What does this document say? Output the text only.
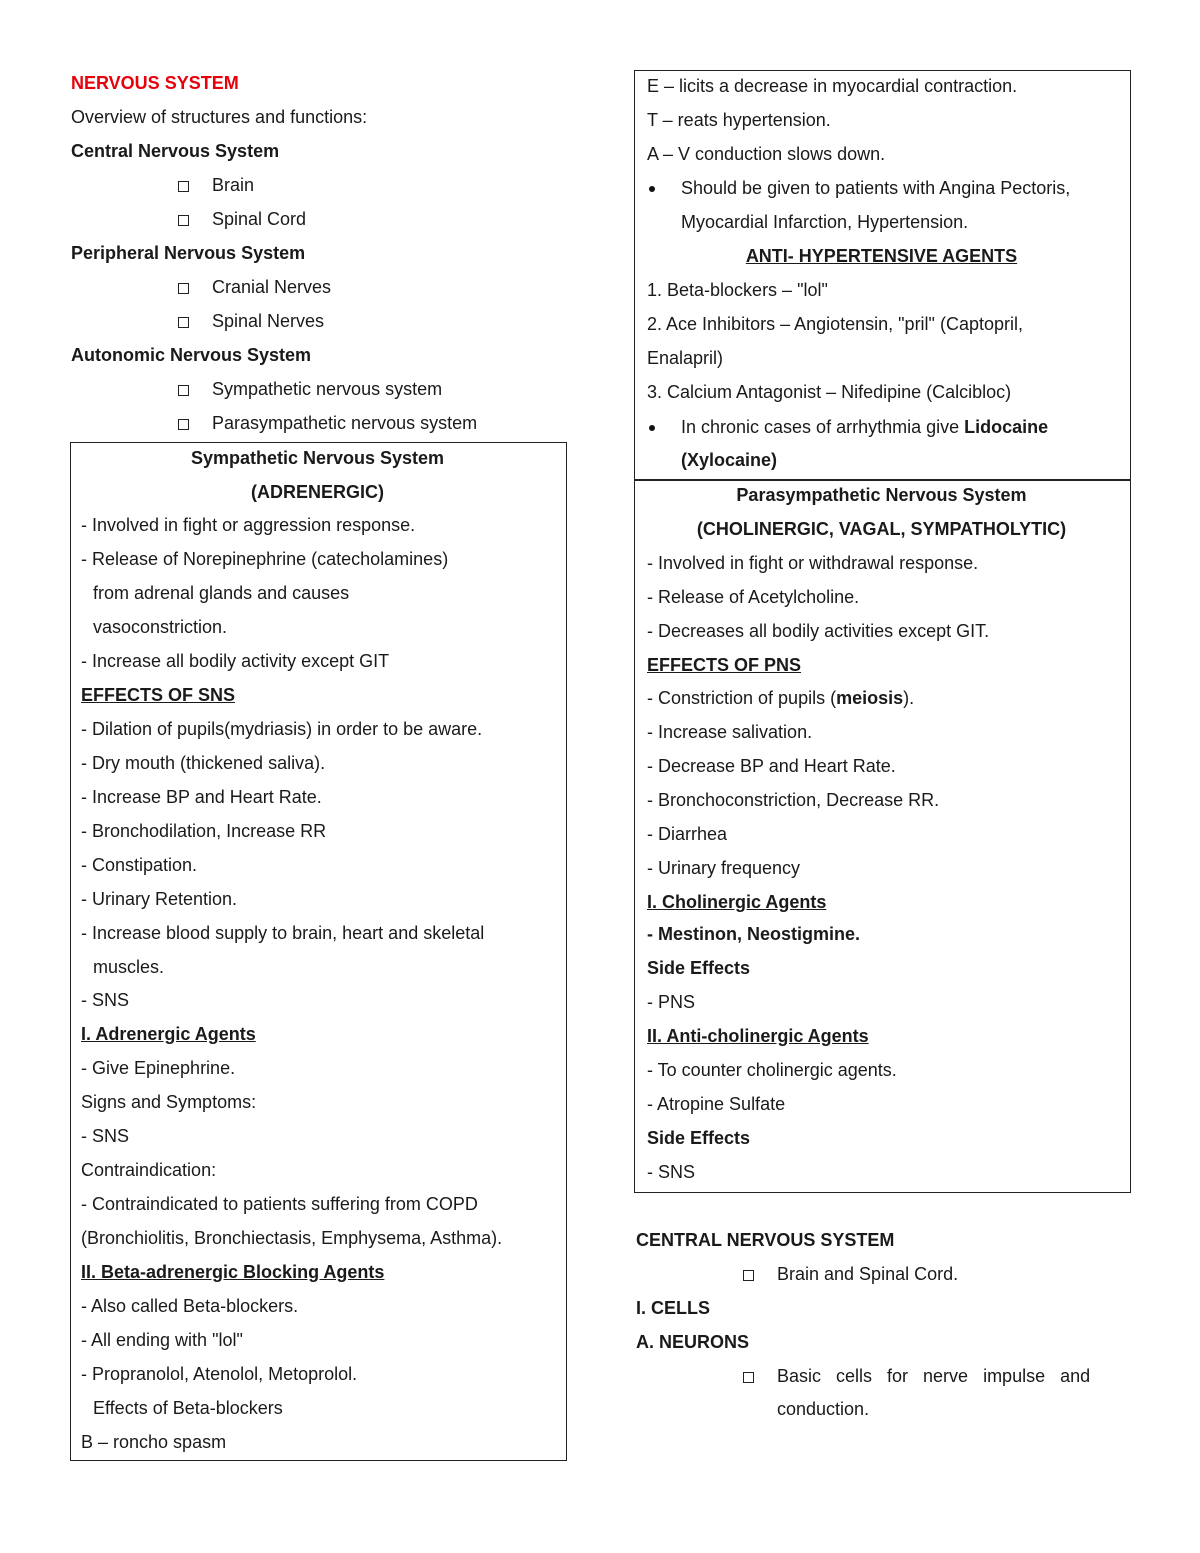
NERVOUS SYSTEM
Overview of structures and functions:
Central Nervous System
Brain
Spinal Cord
Peripheral Nervous System
Cranial Nerves
Spinal Nerves
Autonomic Nervous System
Sympathetic nervous system
Parasympathetic nervous system
Sympathetic Nervous System
(ADRENERGIC)
- Involved in fight or aggression response.
- Release of Norepinephrine (catecholamines)
from adrenal glands and causes
vasoconstriction.
- Increase all bodily activity except GIT
EFFECTS OF SNS
- Dilation of pupils(mydriasis) in order to be aware.
- Dry mouth (thickened saliva).
- Increase BP and Heart Rate.
- Bronchodilation, Increase RR
- Constipation.
- Urinary Retention.
- Increase blood supply to brain, heart and skeletal
muscles.
- SNS
I. Adrenergic Agents
- Give Epinephrine.
Signs and Symptoms:
- SNS
Contraindication:
- Contraindicated to patients suffering from COPD
(Bronchiolitis, Bronchiectasis, Emphysema, Asthma).
II. Beta-adrenergic Blocking Agents
- Also called Beta-blockers.
- All ending with "lol"
- Propranolol, Atenolol, Metoprolol.
Effects of Beta-blockers
B – roncho spasm
E – licits a decrease in myocardial contraction.
T – reats hypertension.
A – V conduction slows down.
Should be given to patients with Angina Pectoris,
Myocardial Infarction, Hypertension.
ANTI- HYPERTENSIVE AGENTS
1. Beta-blockers – "lol"
2. Ace Inhibitors – Angiotensin, "pril" (Captopril,
Enalapril)
3. Calcium Antagonist – Nifedipine (Calcibloc)
In chronic cases of arrhythmia give Lidocaine
(Xylocaine)
Parasympathetic Nervous System
(CHOLINERGIC, VAGAL, SYMPATHOLYTIC)
- Involved in fight or withdrawal response.
- Release of Acetylcholine.
- Decreases all bodily activities except GIT.
EFFECTS OF PNS
- Constriction of pupils (meiosis).
- Increase salivation.
- Decrease BP and Heart Rate.
- Bronchoconstriction, Decrease RR.
- Diarrhea
- Urinary frequency
I. Cholinergic Agents
- Mestinon, Neostigmine.
Side Effects
- PNS
II. Anti-cholinergic Agents
- To counter cholinergic agents.
- Atropine Sulfate
Side Effects
- SNS
CENTRAL NERVOUS SYSTEM
Brain and Spinal Cord.
I. CELLS
A. NEURONS
Basic   cells   for   nerve   impulse   and
conduction.
